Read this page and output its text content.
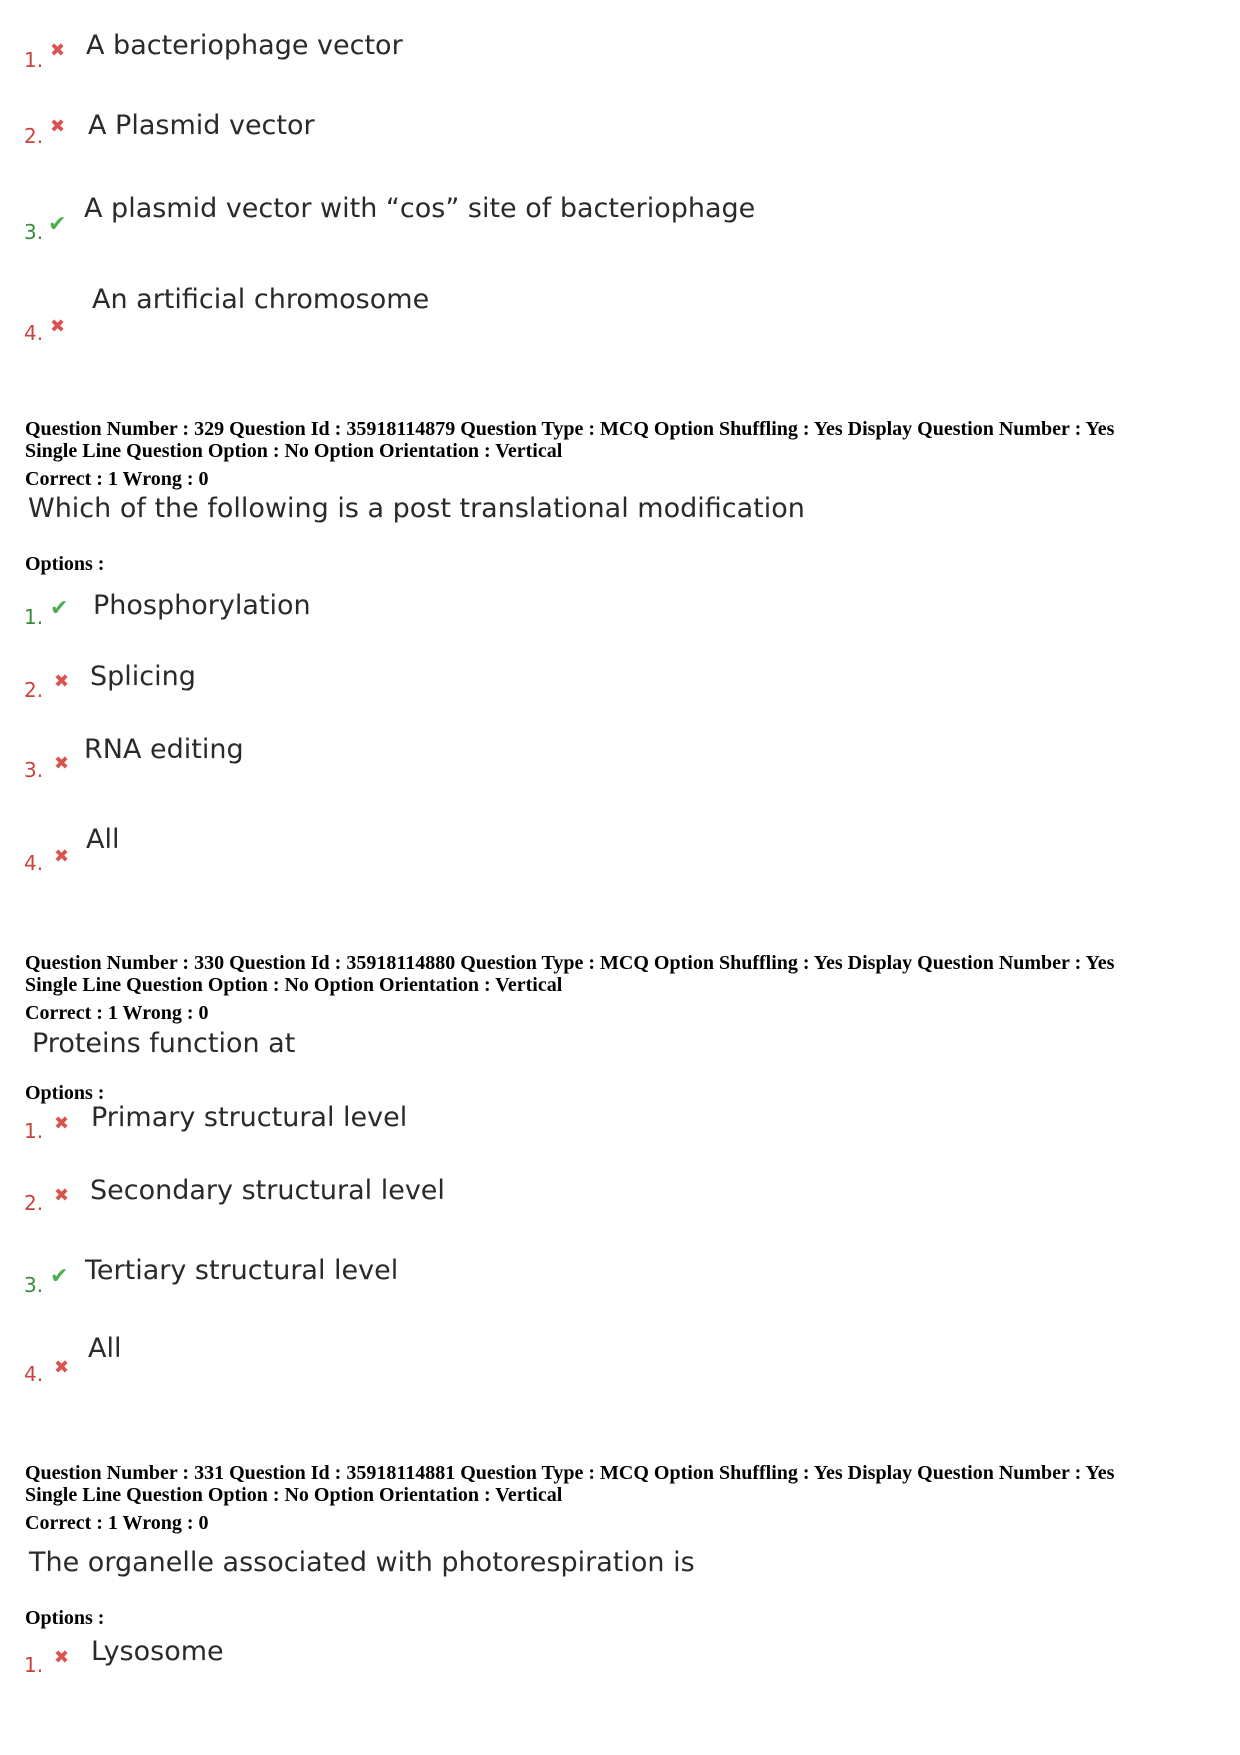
1. ✖ A bacteriophage vector
2. ✖ A Plasmid vector
3. ✔
A plasmid vector with “cos” site of bacteriophage
4. ✖
An artificial chromosome
Question Number : 329 Question Id : 35918114879 Question Type : MCQ Option Shuffling : Yes Display Question Number : Yes
Single Line Question Option : No Option Orientation : Vertical
Correct : 1 Wrong : 0
Which of the following is a post translational modification
Options :
1. ✔ Phosphorylation
2. ✖ Splicing
3. ✖ RNA editing
4. ✖
All
Question Number : 330 Question Id : 35918114880 Question Type : MCQ Option Shuffling : Yes Display Question Number : Yes
Single Line Question Option : No Option Orientation : Vertical
Correct : 1 Wrong : 0
Proteins function at
Options :
1. ✖ Primary structural level
2. ✖ Secondary structural level
3. ✔ Tertiary structural level
4. ✖
All
Question Number : 331 Question Id : 35918114881 Question Type : MCQ Option Shuffling : Yes Display Question Number : Yes
Single Line Question Option : No Option Orientation : Vertical
Correct : 1 Wrong : 0
The organelle associated with photorespiration is
Options :
1. ✖ Lysosome
